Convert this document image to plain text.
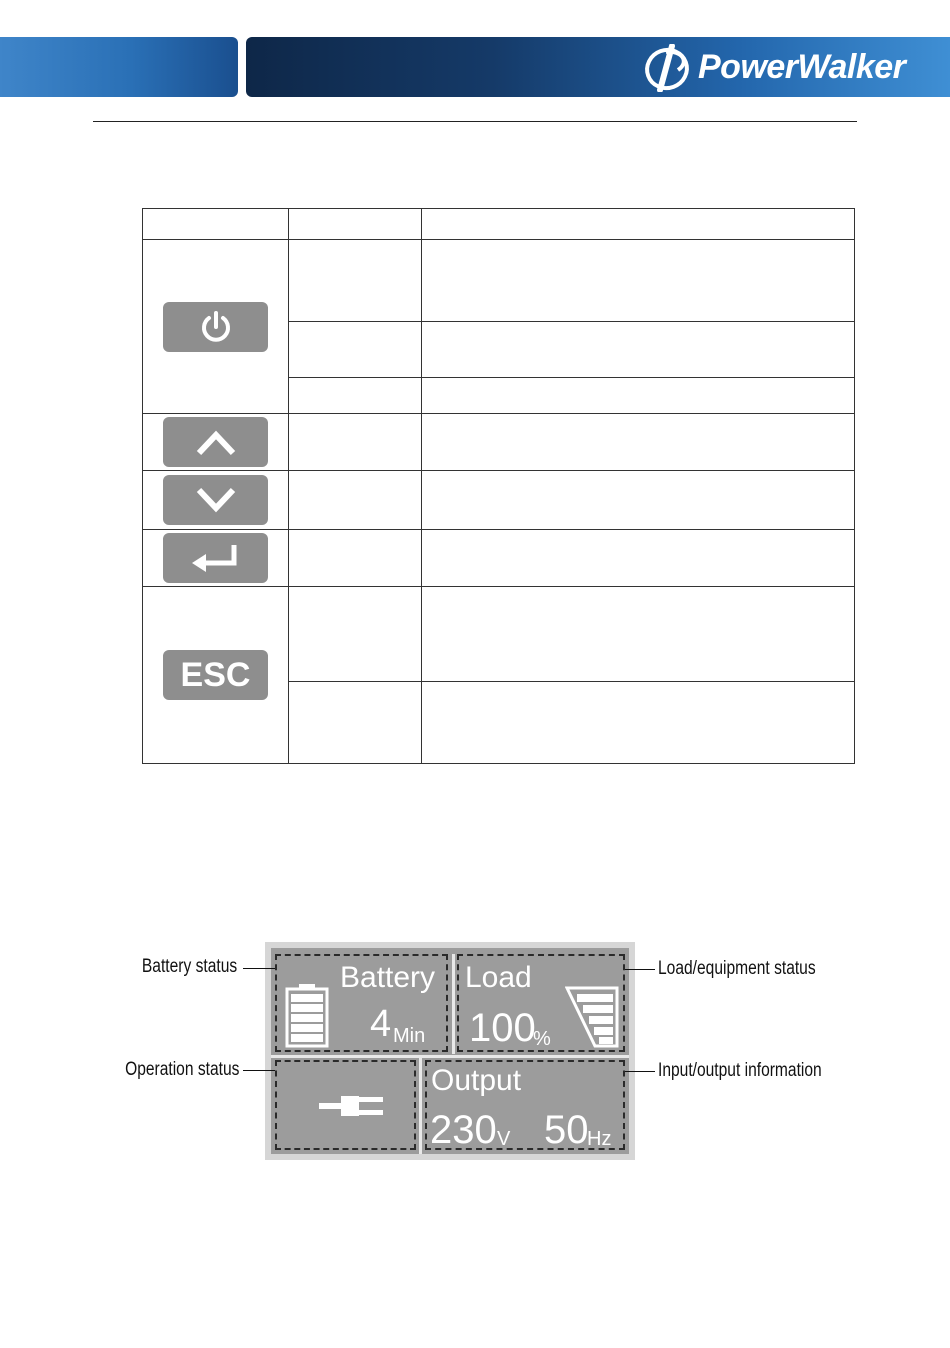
PowerWalker

ESC		

Battery
4 Min
Load
100
%
Output
230 V 50
Hz
Battery status
Operation status
Load/equipment status
Input/output information
